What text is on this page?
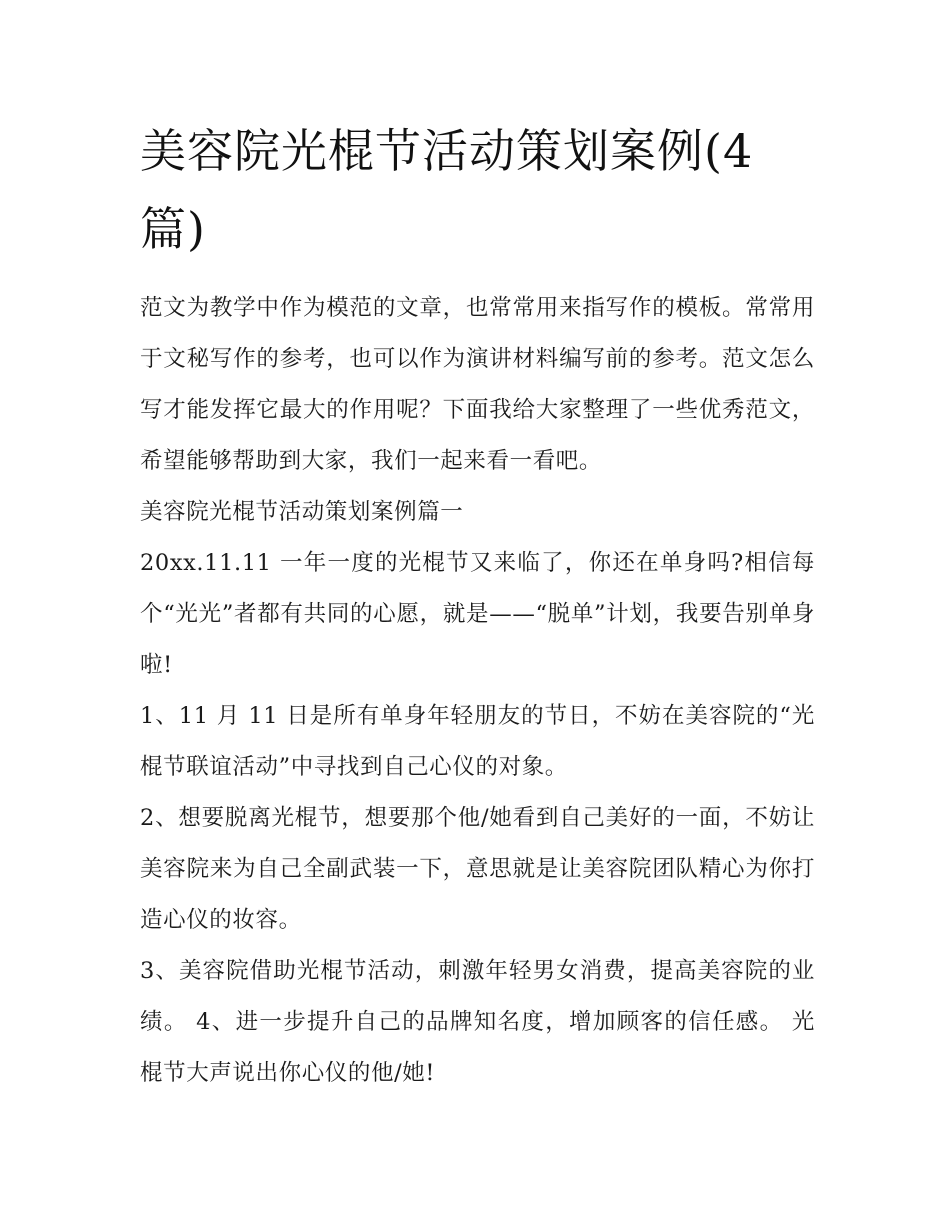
美容院光棍节活动策划案例(4篇)

范文为教学中作为模范的文章，也常常用来指写作的模板。常常用于文秘写作的参考，也可以作为演讲材料编写前的参考。范文怎么写才能发挥它最大的作用呢？下面我给大家整理了一些优秀范文，希望能够帮助到大家，我们一起来看一看吧。

美容院光棍节活动策划案例篇一

20xx.11.11 一年一度的光棍节又来临了，你还在单身吗?相信每个“光光”者都有共同的心愿，就是——“脱单”计划，我要告别单身啦!

1、11 月 11 日是所有单身年轻朋友的节日，不妨在美容院的“光棍节联谊活动”中寻找到自己心仪的对象。

2、想要脱离光棍节，想要那个他/她看到自己美好的一面，不妨让美容院来为自己全副武装一下，意思就是让美容院团队精心为你打造心仪的妆容。

3、美容院借助光棍节活动，刺激年轻男女消费，提高美容院的业绩。 4、进一步提升自己的品牌知名度，增加顾客的信任感。 光棍节大声说出你心仪的他/她!
